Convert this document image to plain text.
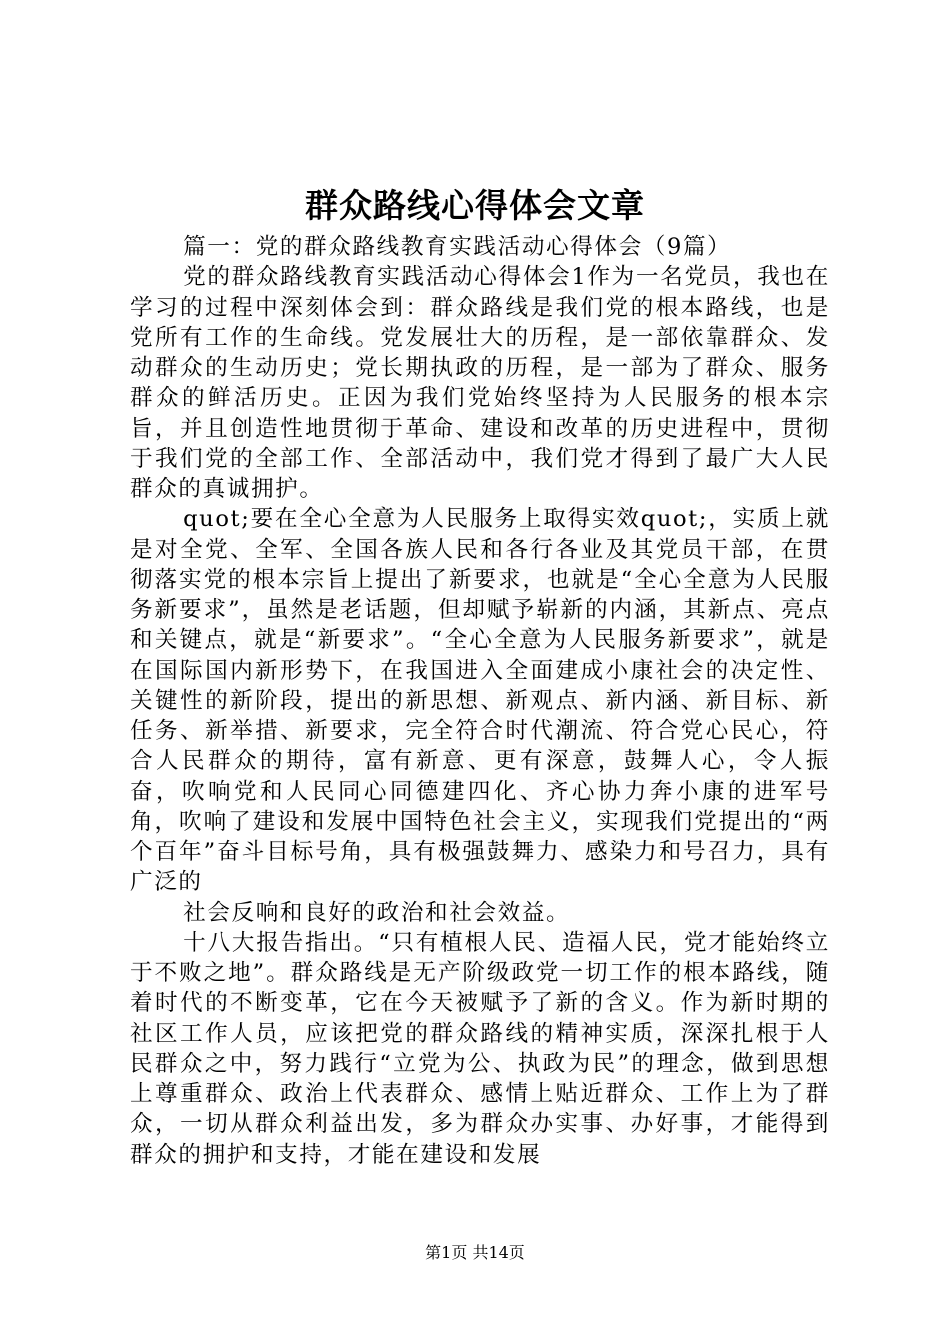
群众路线心得体会文章

篇一：党的群众路线教育实践活动心得体会（9篇）

党的群众路线教育实践活动心得体会1作为一名党员，我也在学习的过程中深刻体会到：群众路线是我们党的根本路线，也是党所有工作的生命线。党发展壮大的历程，是一部依靠群众、发动群众的生动历史；党长期执政的历程，是一部为了群众、服务群众的鲜活历史。正因为我们党始终坚持为人民服务的根本宗旨，并且创造性地贯彻于革命、建设和改革的历史进程中，贯彻于我们党的全部工作、全部活动中，我们党才得到了最广大人民群众的真诚拥护。

quot;要在全心全意为人民服务上取得实效quot;，实质上就是对全党、全军、全国各族人民和各行各业及其党员干部，在贯彻落实党的根本宗旨上提出了新要求，也就是“全心全意为人民服务新要求”，虽然是老话题，但却赋予崭新的内涵，其新点、亮点和关键点，就是“新要求”。“全心全意为人民服务新要求”，就是在国际国内新形势下，在我国进入全面建成小康社会的决定性、关键性的新阶段，提出的新思想、新观点、新内涵、新目标、新任务、新举措、新要求，完全符合时代潮流、符合党心民心，符合人民群众的期待，富有新意、更有深意，鼓舞人心，令人振奋，吹响党和人民同心同德建四化、齐心协力奔小康的进军号角，吹响了建设和发展中国特色社会主义，实现我们党提出的“两个百年”奋斗目标号角，具有极强鼓舞力、感染力和号召力，具有广泛的

社会反响和良好的政治和社会效益。

十八大报告指出。“只有植根人民、造福人民，党才能始终立于不败之地”。群众路线是无产阶级政党一切工作的根本路线，随着时代的不断变革，它在今天被赋予了新的含义。作为新时期的社区工作人员，应该把党的群众路线的精神实质，深深扎根于人民群众之中，努力践行“立党为公、执政为民”的理念，做到思想上尊重群众、政治上代表群众、感情上贴近群众、工作上为了群众，一切从群众利益出发，多为群众办实事、办好事，才能得到群众的拥护和支持，才能在建设和发展

第1页 共14页
